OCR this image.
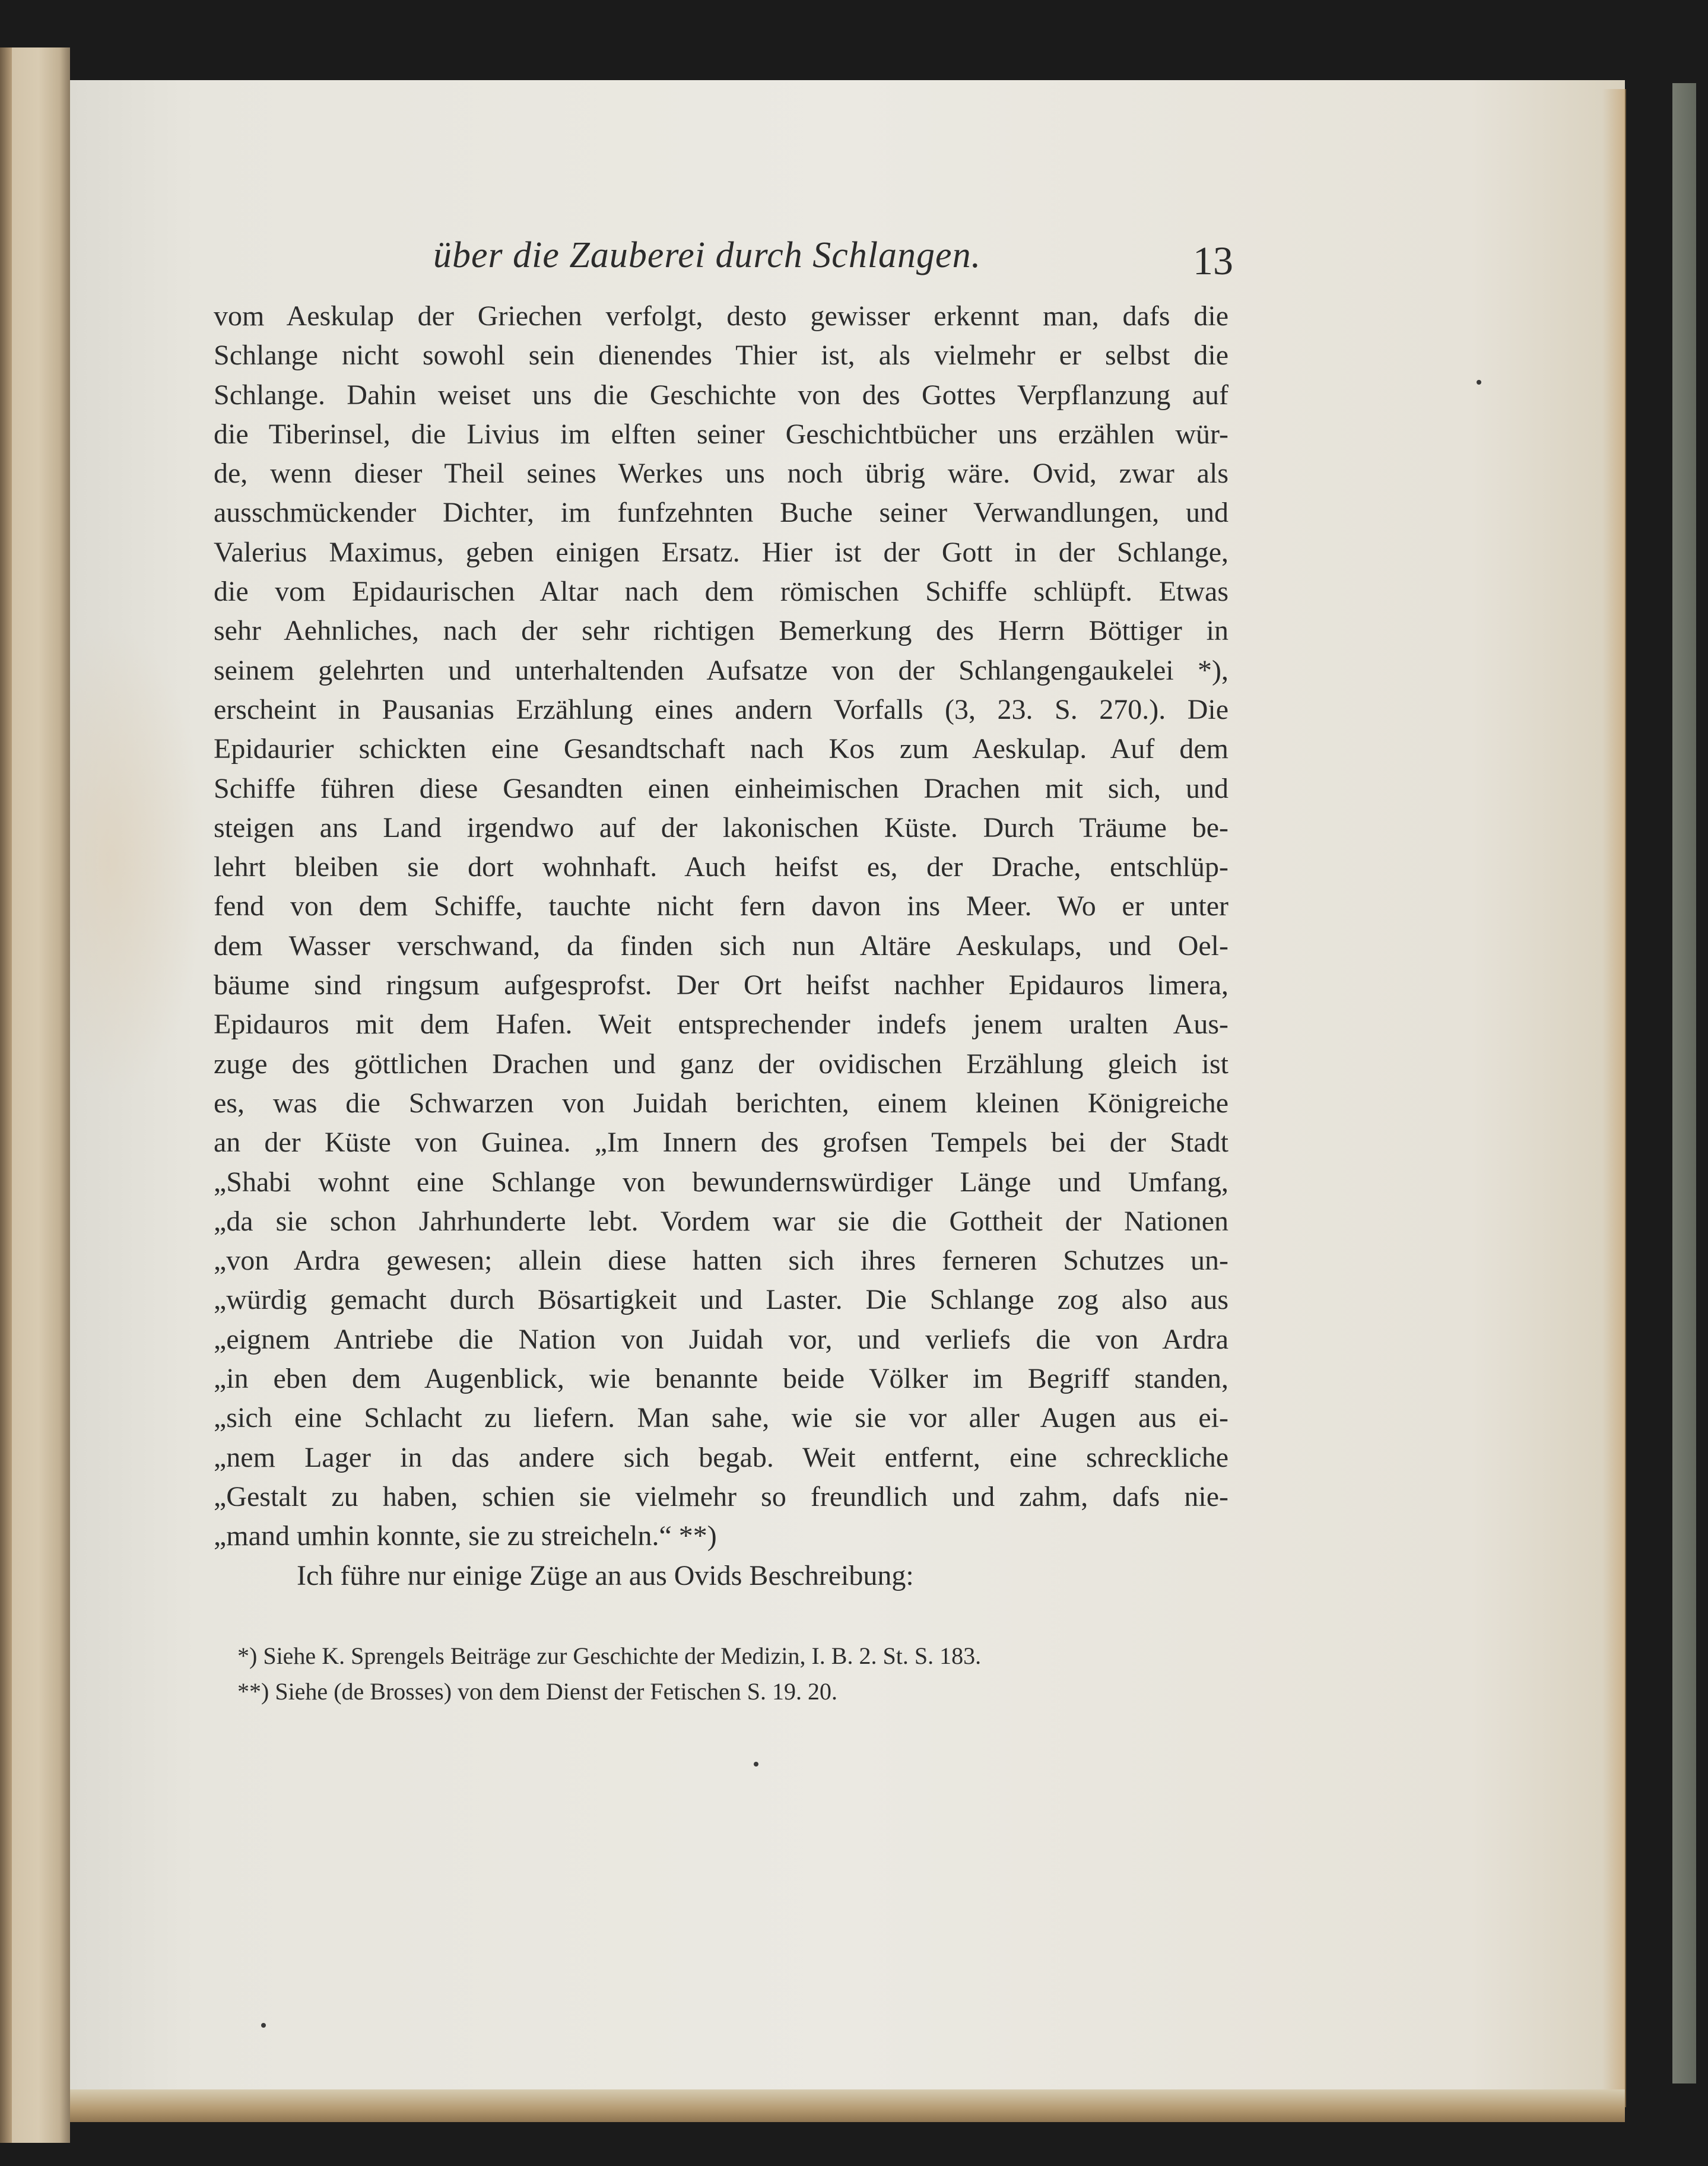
über die Zauberei durch Schlangen.	13
vom Aeskulap der Griechen verfolgt, desto gewisser erkennt man, dafs die
Schlange nicht sowohl sein dienendes Thier ist, als vielmehr er selbst die
Schlange. Dahin weiset uns die Geschichte von des Gottes Verpflanzung auf
die Tiberinsel, die Livius im elften seiner Geschichtbücher uns erzählen wür-
de, wenn dieser Theil seines Werkes uns noch übrig wäre. Ovid, zwar als
ausschmückender Dichter, im funfzehnten Buche seiner Verwandlungen, und
Valerius Maximus, geben einigen Ersatz. Hier ist der Gott in der Schlange,
die vom Epidaurischen Altar nach dem römischen Schiffe schlüpft. Etwas
sehr Aehnliches, nach der sehr richtigen Bemerkung des Herrn Böttiger in
seinem gelehrten und unterhaltenden Aufsatze von der Schlangengaukelei *),
erscheint in Pausanias Erzählung eines andern Vorfalls (3, 23. S. 270.). Die
Epidaurier schickten eine Gesandtschaft nach Kos zum Aeskulap. Auf dem
Schiffe führen diese Gesandten einen einheimischen Drachen mit sich, und
steigen ans Land irgendwo auf der lakonischen Küste. Durch Träume be-
lehrt bleiben sie dort wohnhaft. Auch heifst es, der Drache, entschlüp-
fend von dem Schiffe, tauchte nicht fern davon ins Meer. Wo er unter
dem Wasser verschwand, da finden sich nun Altäre Aeskulaps, und Oel-
bäume sind ringsum aufgesprofst. Der Ort heifst nachher Epidauros limera,
Epidauros mit dem Hafen. Weit entsprechender indefs jenem uralten Aus-
zuge des göttlichen Drachen und ganz der ovidischen Erzählung gleich ist
es, was die Schwarzen von Juidah berichten, einem kleinen Königreiche
an der Küste von Guinea. „Im Innern des grofsen Tempels bei der Stadt
„Shabi wohnt eine Schlange von bewundernswürdiger Länge und Umfang,
„da sie schon Jahrhunderte lebt. Vordem war sie die Gottheit der Nationen
„von Ardra gewesen; allein diese hatten sich ihres ferneren Schutzes un-
„würdig gemacht durch Bösartigkeit und Laster. Die Schlange zog also aus
„eignem Antriebe die Nation von Juidah vor, und verliefs die von Ardra
„in eben dem Augenblick, wie benannte beide Völker im Begriff standen,
„sich eine Schlacht zu liefern. Man sahe, wie sie vor aller Augen aus ei-
„nem Lager in das andere sich begab. Weit entfernt, eine schreckliche
„Gestalt zu haben, schien sie vielmehr so freundlich und zahm, dafs nie-
„mand umhin konnte, sie zu streicheln.“ **)
Ich führe nur einige Züge an aus Ovids Beschreibung:
*) Siehe K. Sprengels Beiträge zur Geschichte der Medizin, I. B. 2. St. S. 183.
**) Siehe (de Brosses) von dem Dienst der Fetischen S. 19. 20.
